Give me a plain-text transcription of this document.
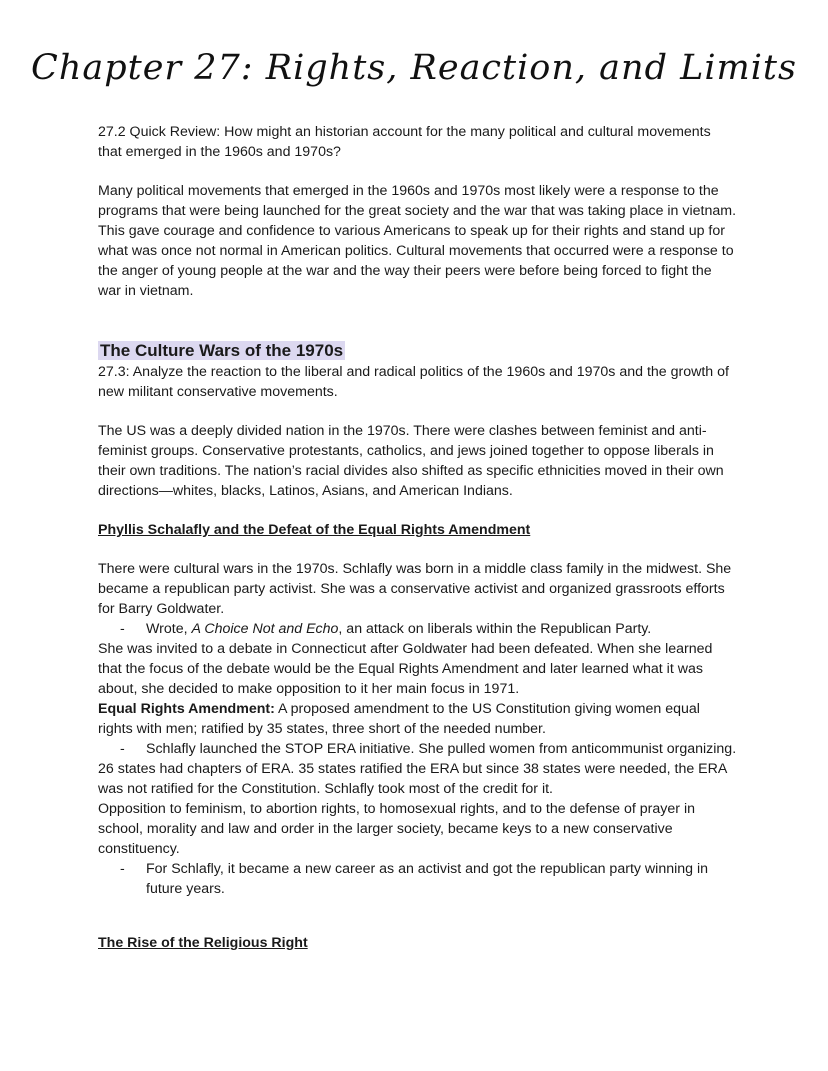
Chapter 27: Rights, Reaction, and Limits

27.2 Quick Review: How might an historian account for the many political and cultural movements that emerged in the 1960s and 1970s?

Many political movements that emerged in the 1960s and 1970s most likely were a response to the programs that were being launched for the great society and the war that was taking place in vietnam. This gave courage and confidence to various Americans to speak up for their rights and stand up for what was once not normal in American politics. Cultural movements that occurred were a response to the anger of young people at the war and the way their peers were before being forced to fight the war in vietnam.

The Culture Wars of the 1970s

27.3: Analyze the reaction to the liberal and radical politics of the 1960s and 1970s and the growth of new militant conservative movements.

The US was a deeply divided nation in the 1970s. There were clashes between feminist and anti-feminist groups. Conservative protestants, catholics, and jews joined together to oppose liberals in their own traditions. The nation’s racial divides also shifted as specific ethnicities moved in their own directions—whites, blacks, Latinos, Asians, and American Indians.

Phyllis Schalafly and the Defeat of the Equal Rights Amendment

There were cultural wars in the 1970s. Schlafly was born in a middle class family in the midwest. She became a republican party activist. She was a conservative activist and organized grassroots efforts for Barry Goldwater.

- Wrote, A Choice Not and Echo, an attack on liberals within the Republican Party.

She was invited to a debate in Connecticut after Goldwater had been defeated. When she learned that the focus of the debate would be the Equal Rights Amendment and later learned what it was about, she decided to make opposition to it her main focus in 1971.

Equal Rights Amendment: A proposed amendment to the US Constitution giving women equal rights with men; ratified by 35 states, three short of the needed number.

- Schlafly launched the STOP ERA initiative. She pulled women from anticommunist organizing.

26 states had chapters of ERA. 35 states ratified the ERA but since 38 states were needed, the ERA was not ratified for the Constitution. Schlafly took most of the credit for it.

Opposition to feminism, to abortion rights, to homosexual rights, and to the defense of prayer in school, morality and law and order in the larger society, became keys to a new conservative constituency.

- For Schlafly, it became a new career as an activist and got the republican party winning in future years.

The Rise of the Religious Right
